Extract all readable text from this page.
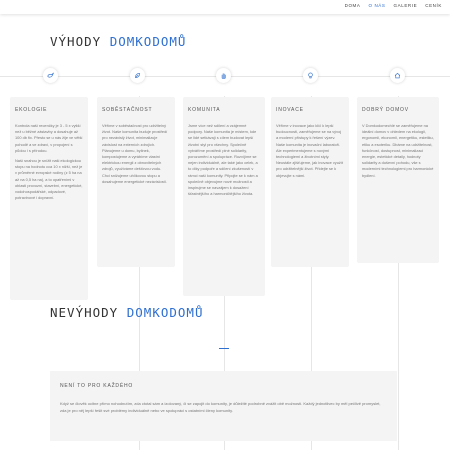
DOMA O NÁS GALERIE CENÍK
VÝHODY DOMKODOMŮ
EKOLOGIE

Kontrola naší recenčky je 3 - 5 x vyšší než u běžné zástavby a dosahuje až 100 db fix. Přesto se u nás žije ve větší pohodě a ve zdraví, v propojení s půdou i s přírodou.

Naší snahou je snížit naši ekologickou stopu na hodnotu cca 10 x nižší, než je v průměrné evropské rodiny (z 5 ha na až na 0,5 ha na), a to opatřeními v oblasti provozní, stavební, energetické, vodohospodářské, odpadové, potravinové i dopravní.

SOBĚSTAČNOST

Věříme v soběstačnost pro udržitelný život. Naše komunita buduje prostředí pro nezávislý život, minimalizuje závislost na externích zdrojích. Plánujeme u domu, bylinek, kompostujeme a vyrábíme vlastní elektrickou energii z obnovitelných zdrojů, využíváme dešťovou vodu. Chci snižujeme uhlíkovou stopu a dosahujeme energetické nezávislosti.

KOMUNITA

Jsme více než sdílení a vzájemné podpory. Naše komunita je místem, kde se lidé setkávají s cílem budovat lepší životní styl pro všechny. Společně vytváříme prostředí plné solidarity, porozumění a spolupráce. Rozvíjíme se nejen individuálně, ale také jako celek, a to díky podpoře a sdílení zkušeností v rámci naší komunity. Připojte se k nám a společně objevujme nové možnosti a inspirujme se navzájem k dosažení šťastnějšího a harmoničtějšího života.

INOVACE

Věříme v inovace jako klíč k lepší budoucnosti, zaměřujeme se na vývoj a moderní přístupy k řešení výzev. Naše komunita je inovační laboratoří. Ale experimentujeme s novými technologiemi a životními styly. Neustále zjišťujeme, jak inovace využít pro udržitelnější život. Přidejte se k objevujte s námi.

DOBRÝ DOMOV

V Domkodomechlé se zaměřujeme na ideální domov v ohledem na ekologii, ergonomii, ekonomii, energetiku, estetiku, etiku a esoteriku. Dbáme na udržitelnost, funkčnost, dostupnost, minimalizaci energie, estetické detaily, hodnoty solidarity a duševní pohodu, vše s moderními technologiemi pro harmonické bydlení.

NEVÝHODY DOMKODOMŮ
NENÍ TO PRO KAŽDÉHO

Když se člověk ocitne přímo nohodnutím, zda ctotal sám a izolovaný, či se zapojit do komunity, je důležité podrobně zvážit obě možnosti. Každý jednotlivec by měl pečlivě promyslet, zda je pro něj lepší řešit své problémy individuálně nebo ve spolupráci s ostatními členy komunity.
